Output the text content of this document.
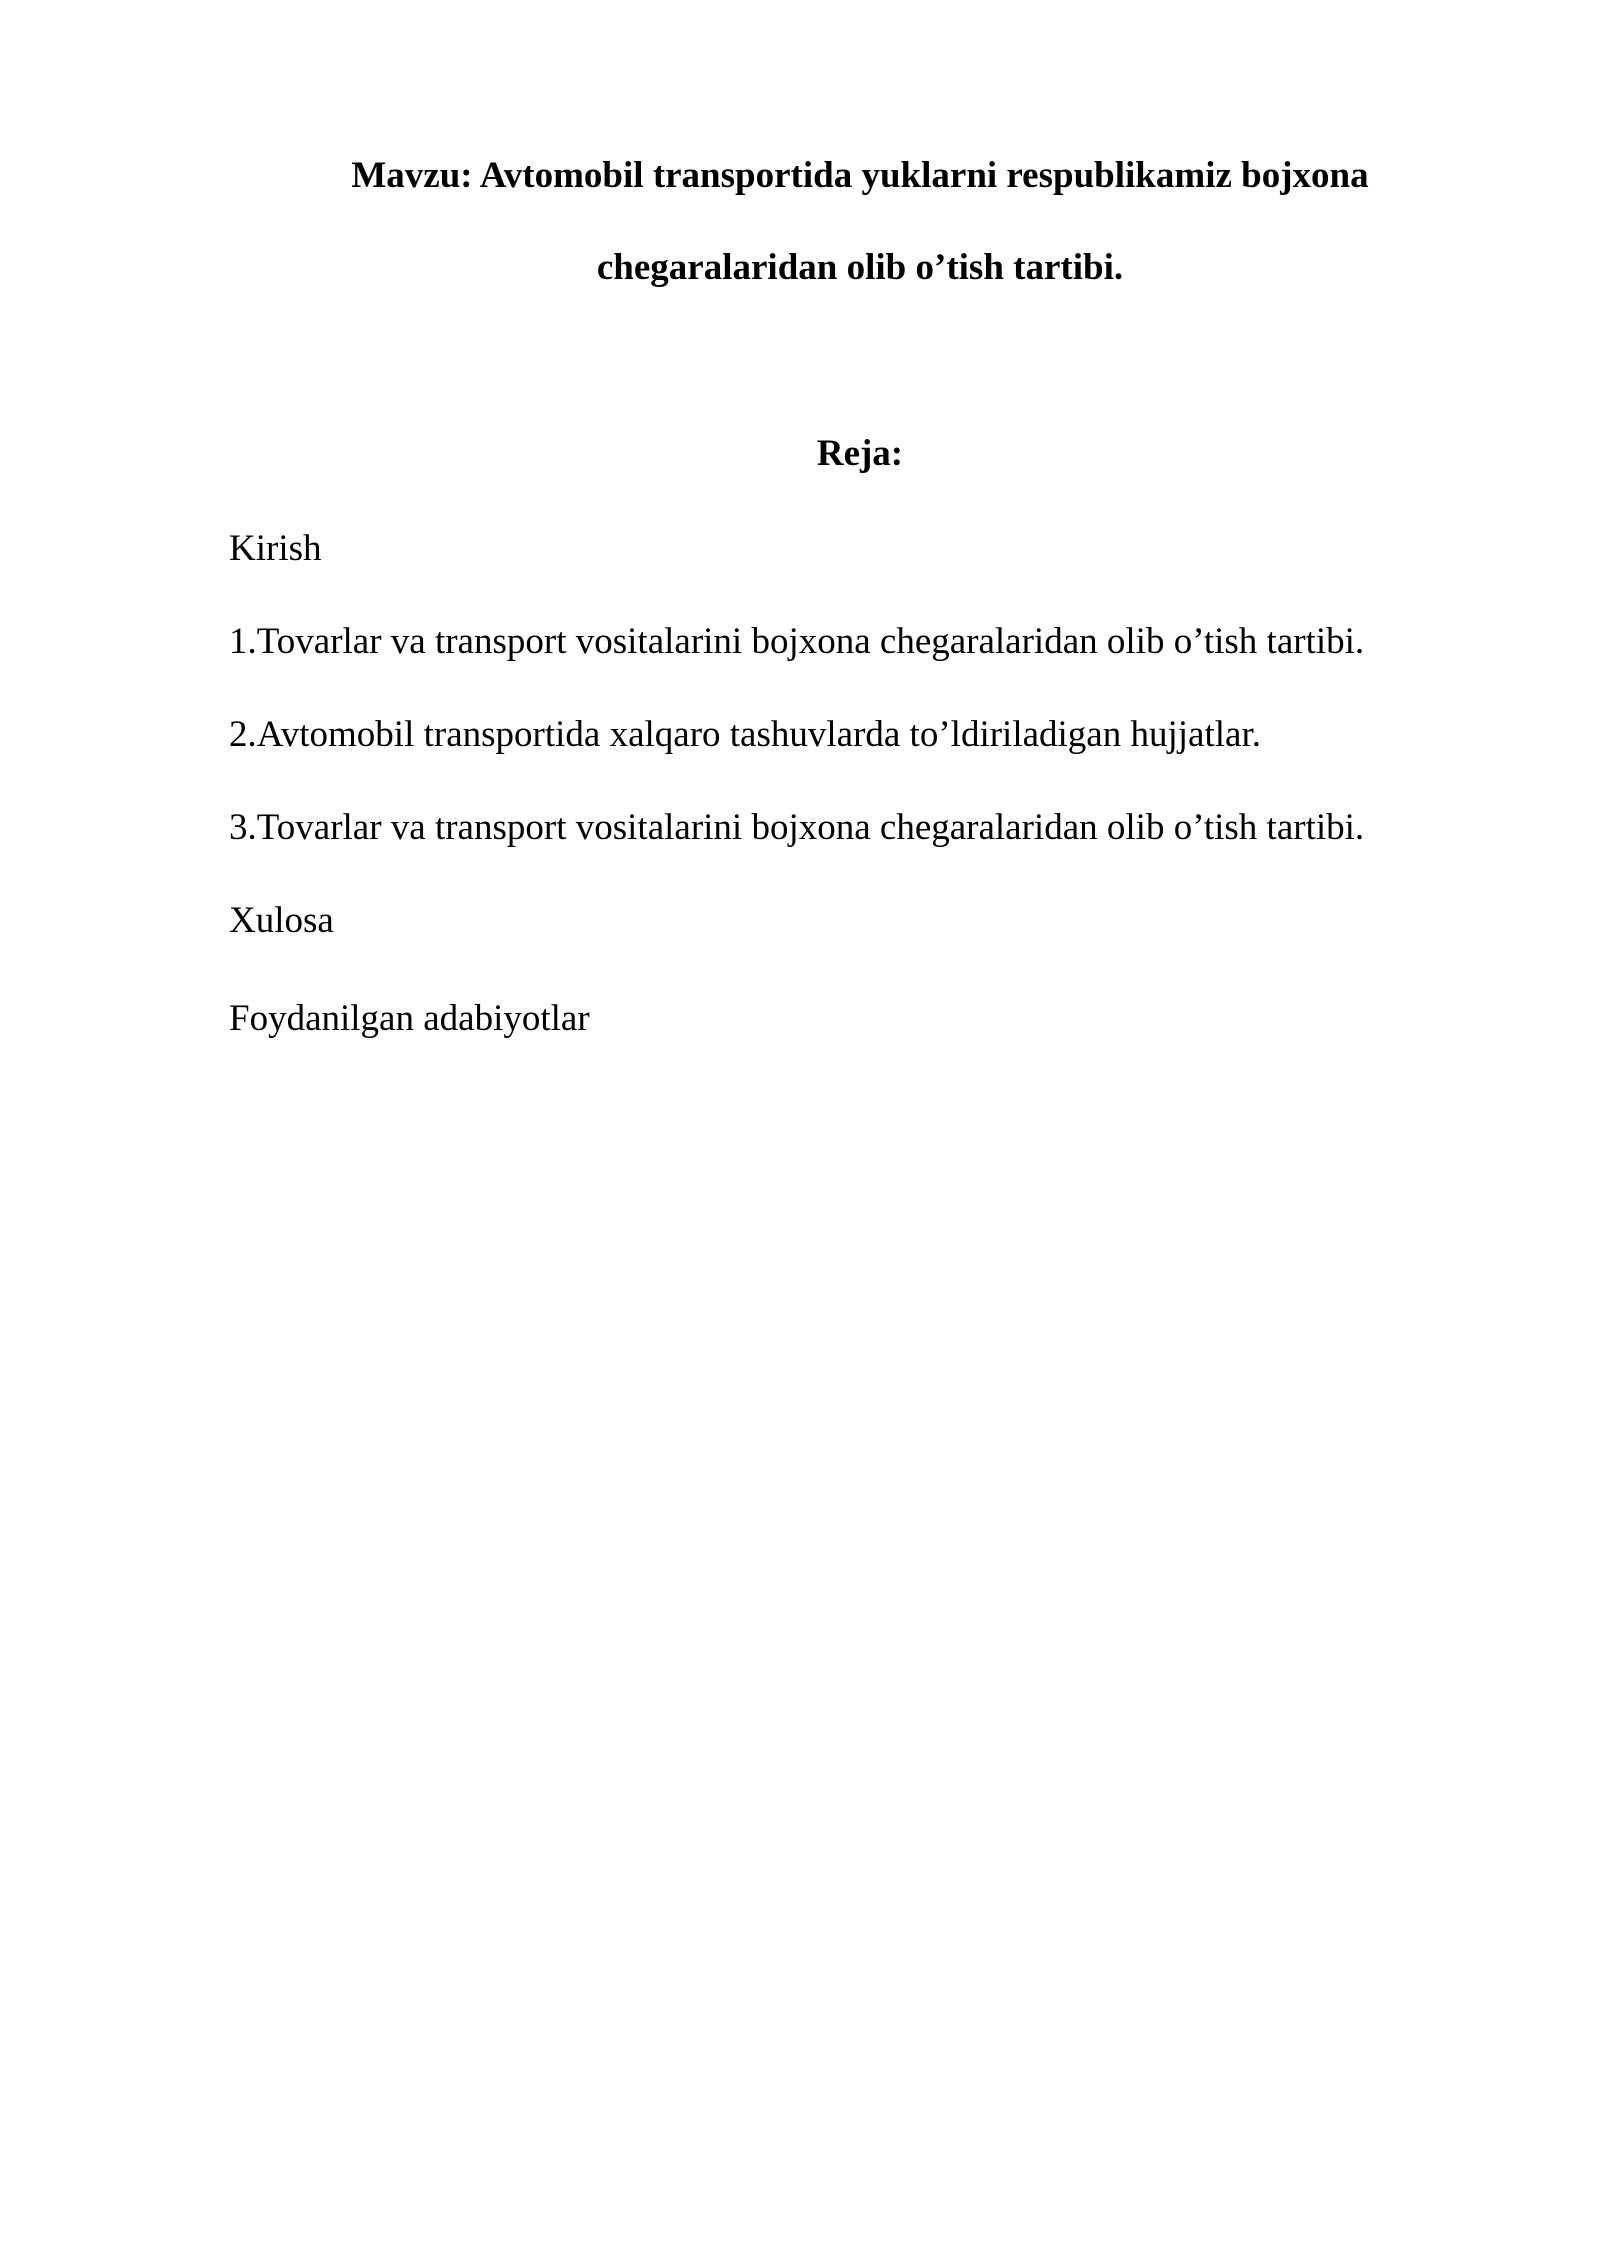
Mavzu: Avtomobil transportida yuklarni respublikamiz bojxona
chegaralaridan olib o’tish tartibi.
Reja:
Kirish
1.Tovarlar va transport vositalarini bojxona chegaralaridan olib o’tish tartibi.
2.Avtomobil transportida xalqaro tashuvlarda to’ldiriladigan hujjatlar.
3.Tovarlar va transport vositalarini bojxona chegaralaridan olib o’tish tartibi.
Xulosa
Foydanilgan adabiyotlar
